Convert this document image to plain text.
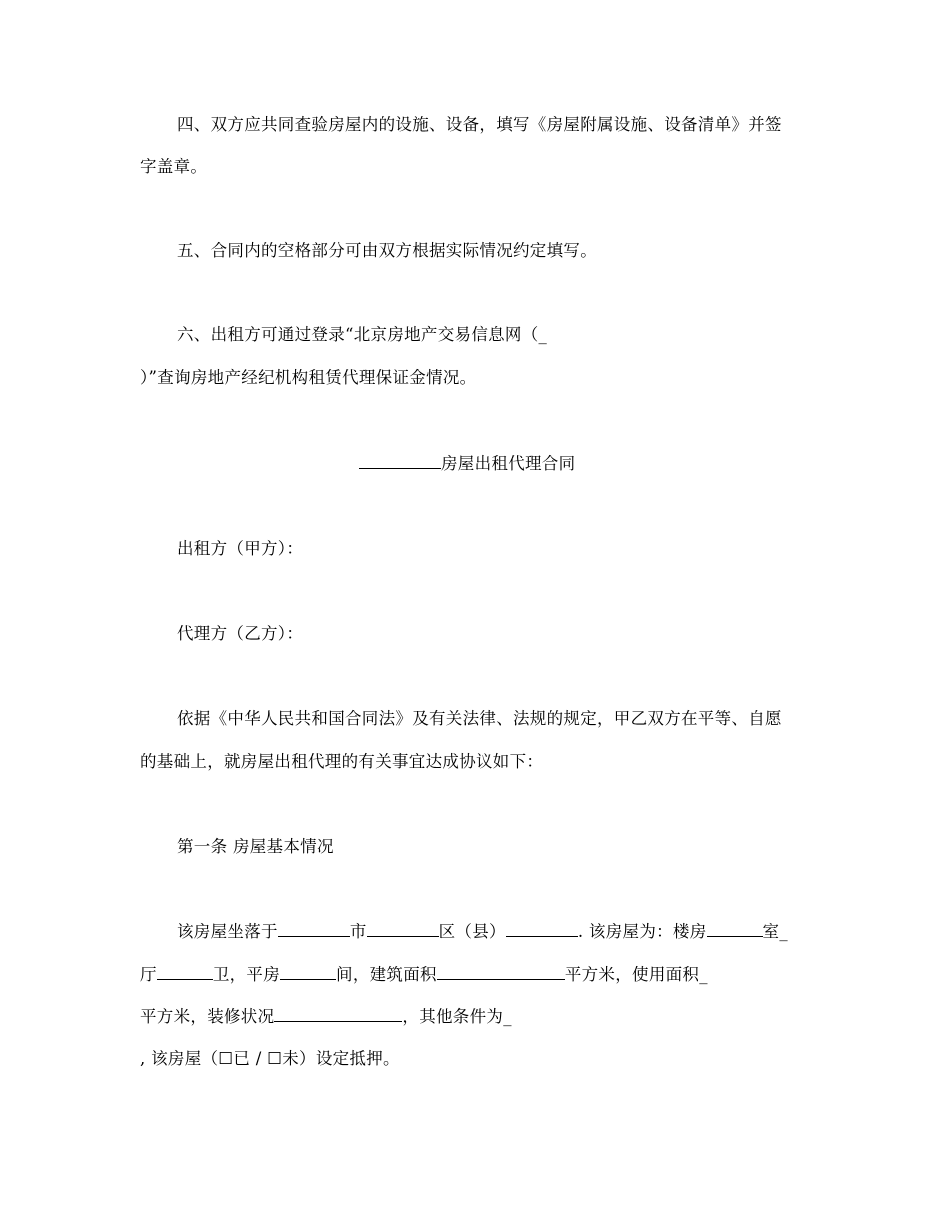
四、双方应共同查验房屋内的设施、设备，填写《房屋附属设施、设备清单》并签
字盖章。
五、合同内的空格部分可由双方根据实际情况约定填写。
六、出租方可通过登录“北京房地产交易信息网（_
）”查询房地产经纪机构租赁代理保证金情况。
房屋出租代理合同
出租方（甲方）：
代理方（乙方）：
依据《中华人民共和国合同法》及有关法律、法规的规定，甲乙双方在平等、自愿
的基础上，就房屋出租代理的有关事宜达成协议如下：
第一条 房屋基本情况
该房屋坐落于	市	区（县）	. 该房屋为：楼房	室_
厅	卫，平房	间，建筑面积	平方米，使用面积_
平方米，装修状况	，其他条件为_
, 该房屋（☐已 / ☐未）设定抵押。
